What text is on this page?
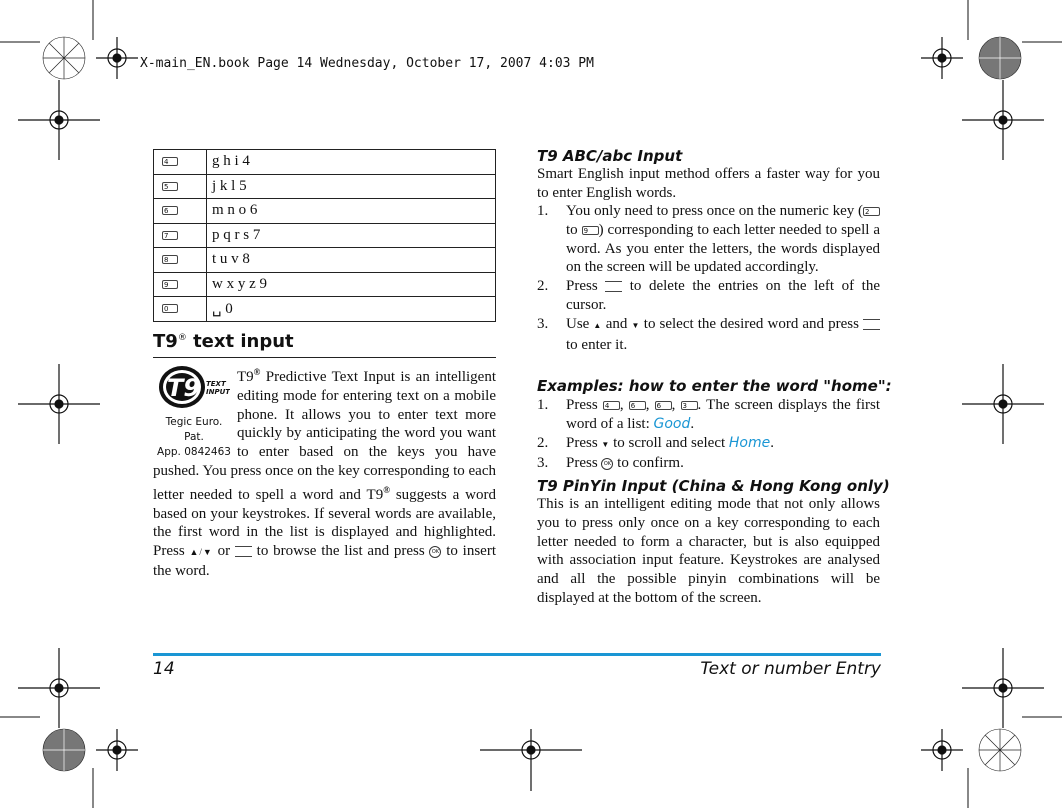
X-main_EN.book Page 14 Wednesday, October 17, 2007 4:03 PM
4	g h i 4
5	j k l 5
6	m n o 6
7	p q r s 7
8	t u v 8
9	w x y z 9
0	␣ 0
T9® text input
T9 TEXT
INPUT
Tegic Euro. Pat.
App. 0842463
T9® Predictive Text Input is an intelligent editing mode for entering text on a mobile phone. It allows you to enter text more quickly by anticipating the word you want to enter based on the keys you have pushed. You press once on the key corresponding to each letter needed to spell a word and T9® suggests a word based on your keystrokes. If several words are available, the first word in the list is displayed and highlighted. Press ▲/▼ or  to browse the list and press OK to insert the word.
T9 ABC/abc Input
Smart English input method offers a faster way for you to enter English words.
1. You only need to press once on the numeric key ( 2 to 9 ) corresponding to each letter needed to spell a word. As you enter the letters, the words displayed on the screen will be updated accordingly.
2. Press  to delete the entries on the left of the cursor.
3. Use ▲ and ▼ to select the desired word and press  to enter it.
Examples: how to enter the word "home":
1. Press 4 , 6 , 6 , 3 . The screen displays the first word of a list: Good.
2. Press ▼ to scroll and select Home.
3. Press OK to confirm.
T9 PinYin Input (China & Hong Kong only)
This is an intelligent editing mode that not only allows you to press only once on a key corresponding to each letter needed to form a character, but is also equipped with association input feature. Keystrokes are analysed and all the possible pinyin combinations will be displayed at the bottom of the screen.
14	Text or number Entry
